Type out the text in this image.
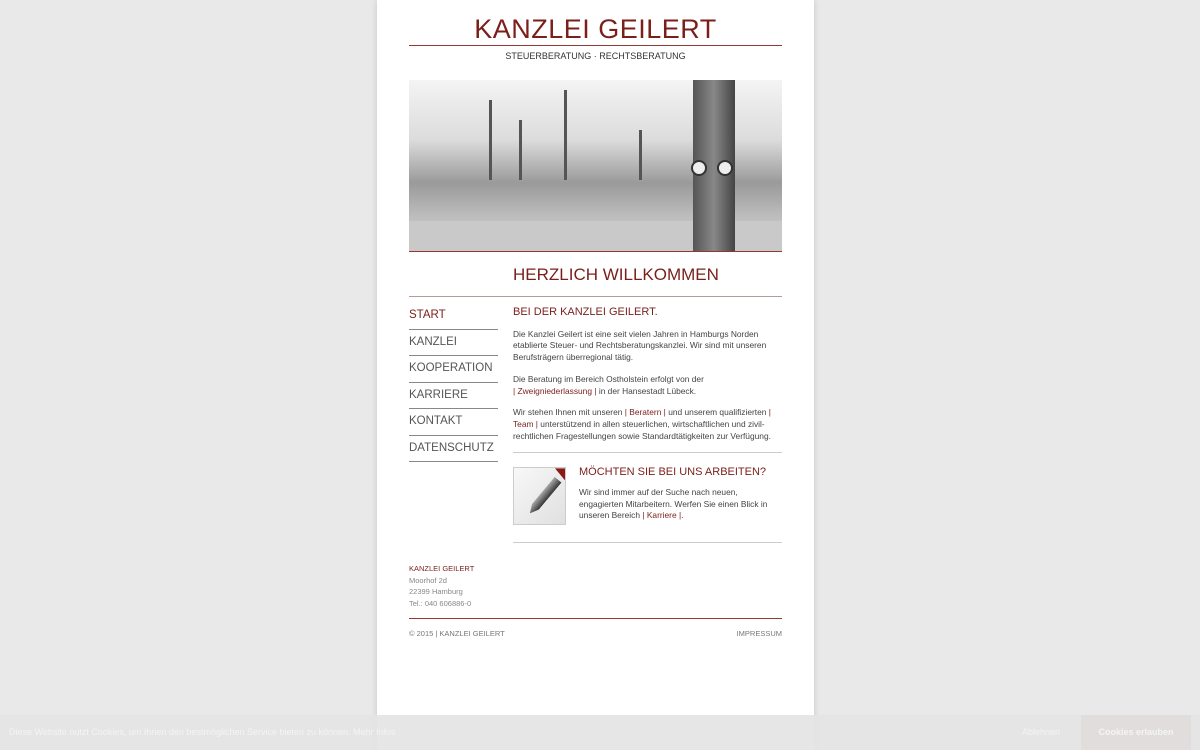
KANZLEI GEILERT
STEUERBERATUNG · RECHTSBERATUNG
HERZLICH WILLKOMMEN
START
KANZLEI
KOOPERATION
KARRIERE
KONTAKT
DATENSCHUTZ
BEI DER KANZLEI GEILERT.

Die Kanzlei Geilert ist eine seit vielen Jahren in Hamburgs Norden etablierte Steuer- und Rechtsberatungskanzlei. Wir sind mit unseren Berufsträgern überregional tätig.

Die Beratung im Bereich Ostholstein erfolgt von der
| Zweigniederlassung | in der Hansestadt Lübeck.

Wir stehen Ihnen mit unseren | Beratern | und unserem qualifizierten | Team | unterstützend in allen steuerlichen, wirtschaftlichen und zivil-rechtlichen Fragestellungen sowie Standardtätigkeiten zur Verfügung.

MÖCHTEN SIE BEI UNS ARBEITEN?

Wir sind immer auf der Suche nach neuen, engagierten Mitarbeitern. Werfen Sie einen Blick in unseren Bereich | Karriere |.

KANZLEI GEILERT
Moorhof 2d
22399 Hamburg
Tel.: 040 606886-0
© 2015 | KANZLEI GEILERT	IMPRESSUM
Diese Website nutzt Cookies, um Ihnen den bestmöglichen Service bieten zu können. Mehr Infos	Ablehnen	Cookies erlauben
